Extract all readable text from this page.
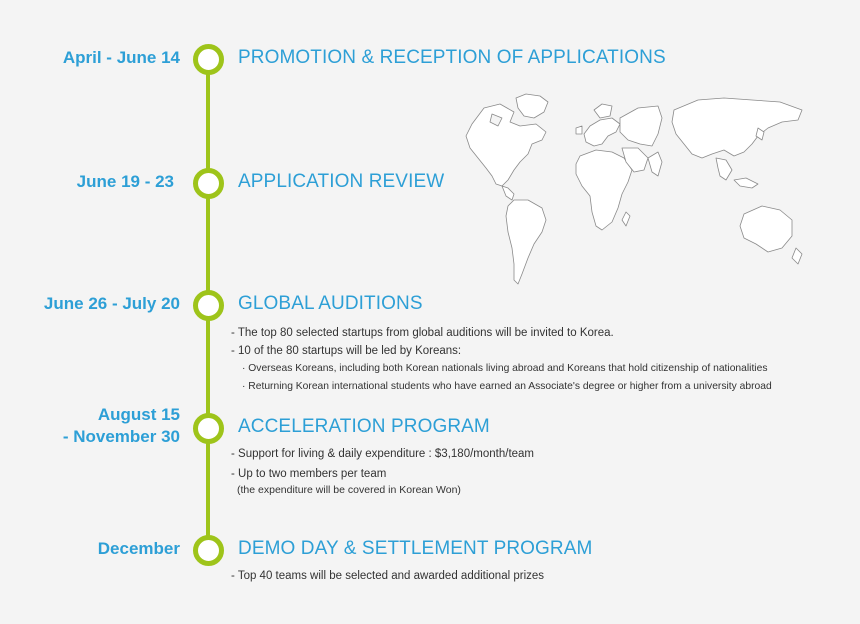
April - June 14	PROMOTION & RECEPTION OF APPLICATIONS
June 19 - 23	APPLICATION REVIEW
June 26 - July 20	GLOBAL AUDITIONS
- The top 80 selected startups from global auditions will be invited to Korea.
- 10 of the 80 startups will be led by Koreans:
· Overseas Koreans, including both Korean nationals living abroad and Koreans that hold citizenship of nationalities
· Returning Korean international students who have earned an Associate's degree or higher from a university abroad
August 15
- November 30	ACCELERATION PROGRAM
- Support for living & daily expenditure : $3,180/month/team
- Up to two members per team
(the expenditure will be covered in Korean Won)
December	DEMO DAY & SETTLEMENT PROGRAM
- Top 40 teams will be selected and awarded additional prizes
